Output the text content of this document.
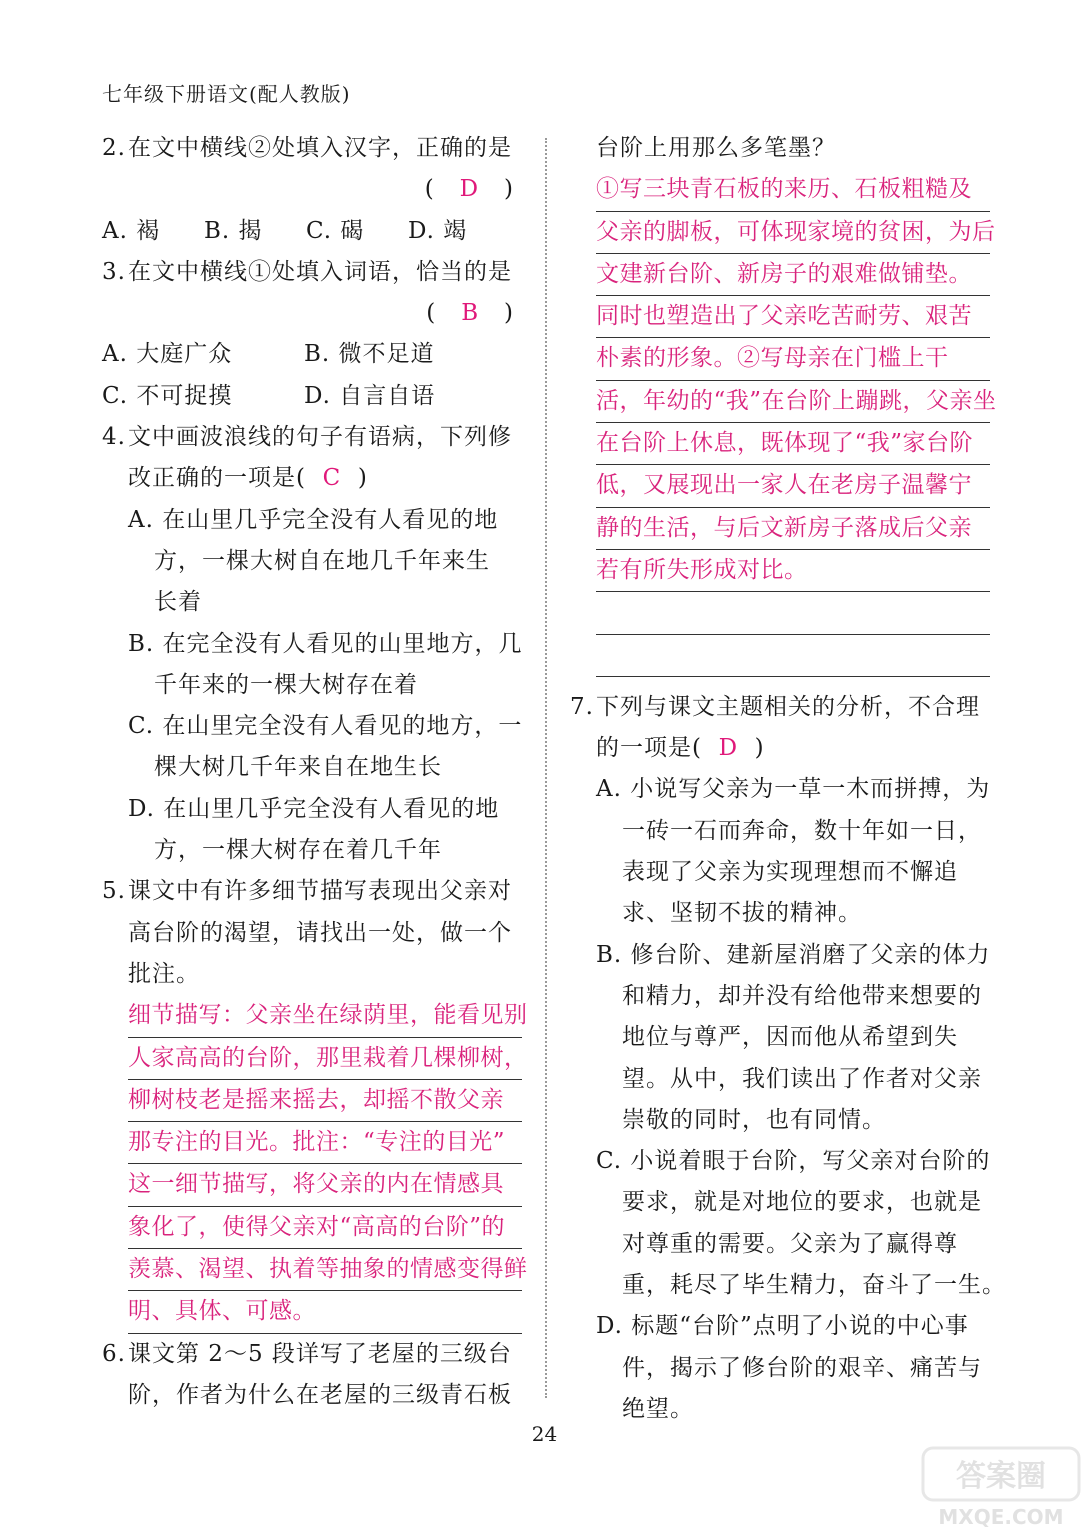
七年级下册语文(配人教版)
2.在文中横线②处填入汉字，正确的是
(   D   )
A. 褐	B. 揭	C. 碣	D. 竭
3.在文中横线①处填入词语，恰当的是
(   B   )
A. 大庭广众	B. 微不足道
C. 不可捉摸	D. 自言自语
4.文中画波浪线的句子有语病，下列修
改正确的一项是( C  )
A. 在山里几乎完全没有人看见的地
方，一棵大树自在地几千年来生
长着
B. 在完全没有人看见的山里地方，几
千年来的一棵大树存在着
C. 在山里完全没有人看见的地方，一
棵大树几千年来自在地生长
D. 在山里几乎完全没有人看见的地
方，一棵大树存在着几千年
5.课文中有许多细节描写表现出父亲对
高台阶的渴望，请找出一处，做一个
批注。
细节描写：父亲坐在绿荫里，能看见别
人家高高的台阶，那里栽着几棵柳树，
柳树枝老是摇来摇去，却摇不散父亲
那专注的目光。批注：“专注的目光”
这一细节描写，将父亲的内在情感具
象化了，使得父亲对“高高的台阶”的
羡慕、渴望、执着等抽象的情感变得鲜
明、具体、可感。
6.课文第 2～5 段详写了老屋的三级台
阶，作者为什么在老屋的三级青石板
台阶上用那么多笔墨？
①写三块青石板的来历、石板粗糙及
父亲的脚板，可体现家境的贫困，为后
文建新台阶、新房子的艰难做铺垫。
同时也塑造出了父亲吃苦耐劳、艰苦
朴素的形象。②写母亲在门槛上干
活，年幼的“我”在台阶上蹦跳，父亲坐
在台阶上休息，既体现了“我”家台阶
低，又展现出一家人在老房子温馨宁
静的生活，与后文新房子落成后父亲
若有所失形成对比。
7.下列与课文主题相关的分析，不合理
的一项是( D  )
A. 小说写父亲为一草一木而拼搏，为
一砖一石而奔命，数十年如一日，
表现了父亲为实现理想而不懈追
求、坚韧不拔的精神。
B. 修台阶、建新屋消磨了父亲的体力
和精力，却并没有给他带来想要的
地位与尊严，因而他从希望到失
望。从中，我们读出了作者对父亲
崇敬的同时，也有同情。
C. 小说着眼于台阶，写父亲对台阶的
要求，就是对地位的要求，也就是
对尊重的需要。父亲为了赢得尊
重，耗尽了毕生精力，奋斗了一生。
D. 标题“台阶”点明了小说的中心事
件，揭示了修台阶的艰辛、痛苦与
绝望。
24
答案圈
MXQE.COM
